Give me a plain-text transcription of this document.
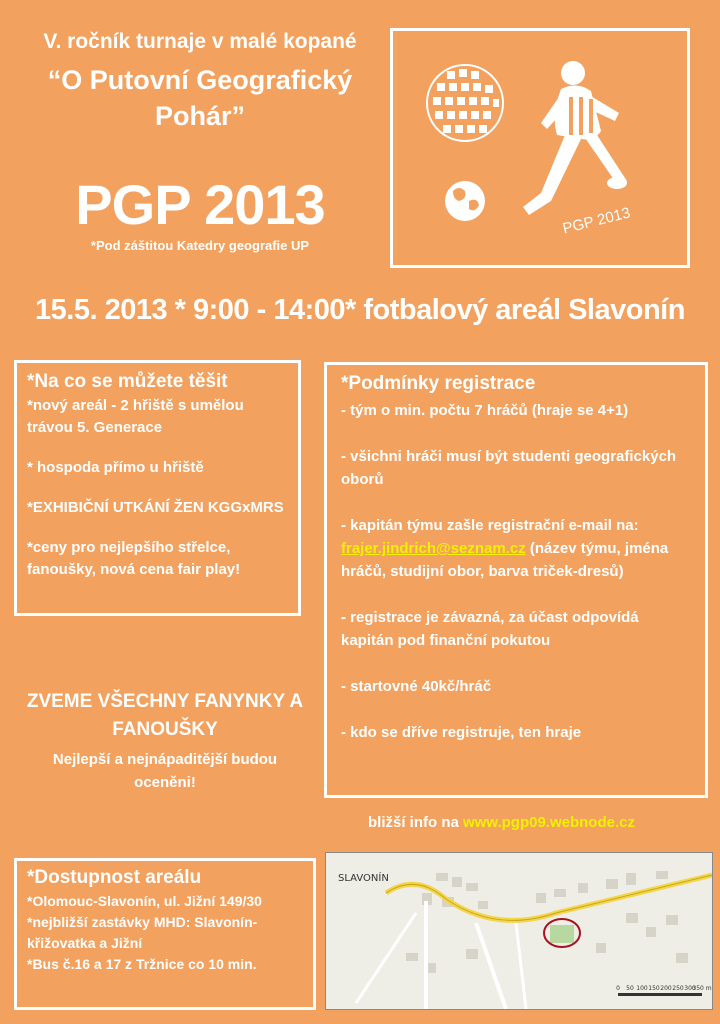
V. ročník turnaje v malé kopané
“O Putovní Geografický
Pohár”
PGP 2013
*Pod záštitou Katedry geografie UP
PGP 2013
15.5. 2013 * 9:00 - 14:00* fotbalový areál Slavonín
*Na co se můžete těšit
*nový areál - 2 hřiště s umělou trávou 5. Generace
* hospoda přímo u hřiště
*EXHIBIČNÍ UTKÁNÍ ŽEN KGGxMRS
*ceny pro nejlepšího střelce, fanoušky, nová cena fair play!
*Podmínky registrace
- tým o min. počtu 7 hráčů (hraje se 4+1)
- všichni hráči musí být studenti geografických oborů
- kapitán týmu zašle registrační e-mail na: frajer.jindrich@seznam.cz (název týmu, jména hráčů, studijní obor, barva triček-dresů)
- registrace je závazná, za účast odpovídá kapitán pod finanční pokutou
- startovné 40kč/hráč
- kdo se dříve registruje, ten hraje
ZVEME VŠECHNY FANYNKY A FANOUŠKY
Nejlepší a nejnápaditější budou oceněni!
bližší info na www.pgp09.webnode.cz
*Dostupnost areálu
*Olomouc-Slavonín, ul. Jižní 149/30
*nejbližší zastávky MHD: Slavonín-křižovatka a Jižní
*Bus č.16 a 17 z Tržnice co 10 min.
0 50 100 150 200 250 300
350 m
SLAVONÍN
